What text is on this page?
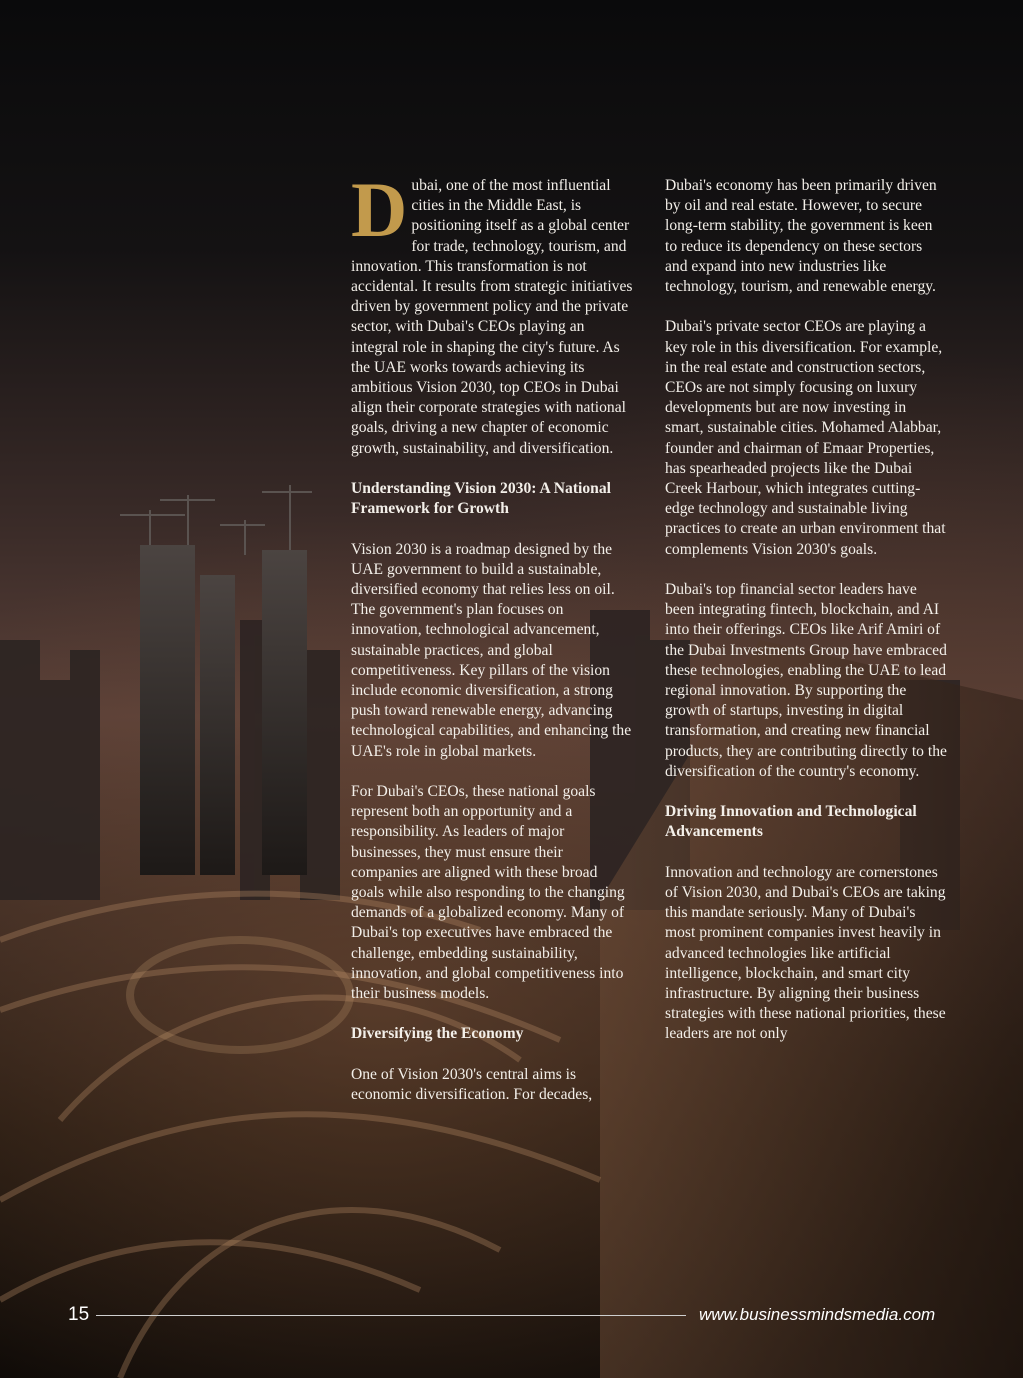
Dubai, one of the most influential cities in the Middle East, is positioning itself as a global center for trade, technology, tourism, and innovation. This transformation is not accidental. It results from strategic initiatives driven by government policy and the private sector, with Dubai's CEOs playing an integral role in shaping the city's future. As the UAE works towards achieving its ambitious Vision 2030, top CEOs in Dubai align their corporate strategies with national goals, driving a new chapter of economic growth, sustainability, and diversification.

Understanding Vision 2030: A National Framework for Growth

Vision 2030 is a roadmap designed by the UAE government to build a sustainable, diversified economy that relies less on oil. The government's plan focuses on innovation, technological advancement, sustainable practices, and global competitiveness. Key pillars of the vision include economic diversification, a strong push toward renewable energy, advancing technological capabilities, and enhancing the UAE's role in global markets.

For Dubai's CEOs, these national goals represent both an opportunity and a responsibility. As leaders of major businesses, they must ensure their companies are aligned with these broad goals while also responding to the changing demands of a globalized economy. Many of Dubai's top executives have embraced the challenge, embedding sustainability, innovation, and global competitiveness into their business models.

Diversifying the Economy

One of Vision 2030's central aims is economic diversification. For decades,

Dubai's economy has been primarily driven by oil and real estate. However, to secure long-term stability, the government is keen to reduce its dependency on these sectors and expand into new industries like technology, tourism, and renewable energy.

Dubai's private sector CEOs are playing a key role in this diversification. For example, in the real estate and construction sectors, CEOs are not simply focusing on luxury developments but are now investing in smart, sustainable cities. Mohamed Alabbar, founder and chairman of Emaar Properties, has spearheaded projects like the Dubai Creek Harbour, which integrates cutting-edge technology and sustainable living practices to create an urban environment that complements Vision 2030's goals.

Dubai's top financial sector leaders have been integrating fintech, blockchain, and AI into their offerings. CEOs like Arif Amiri of the Dubai Investments Group have embraced these technologies, enabling the UAE to lead regional innovation. By supporting the growth of startups, investing in digital transformation, and creating new financial products, they are contributing directly to the diversification of the country's economy.

Driving Innovation and Technological Advancements

Innovation and technology are cornerstones of Vision 2030, and Dubai's CEOs are taking this mandate seriously. Many of Dubai's most prominent companies invest heavily in advanced technologies like artificial intelligence, blockchain, and smart city infrastructure. By aligning their business strategies with these national priorities, these leaders are not only

15	www.businessmindsmedia.com
